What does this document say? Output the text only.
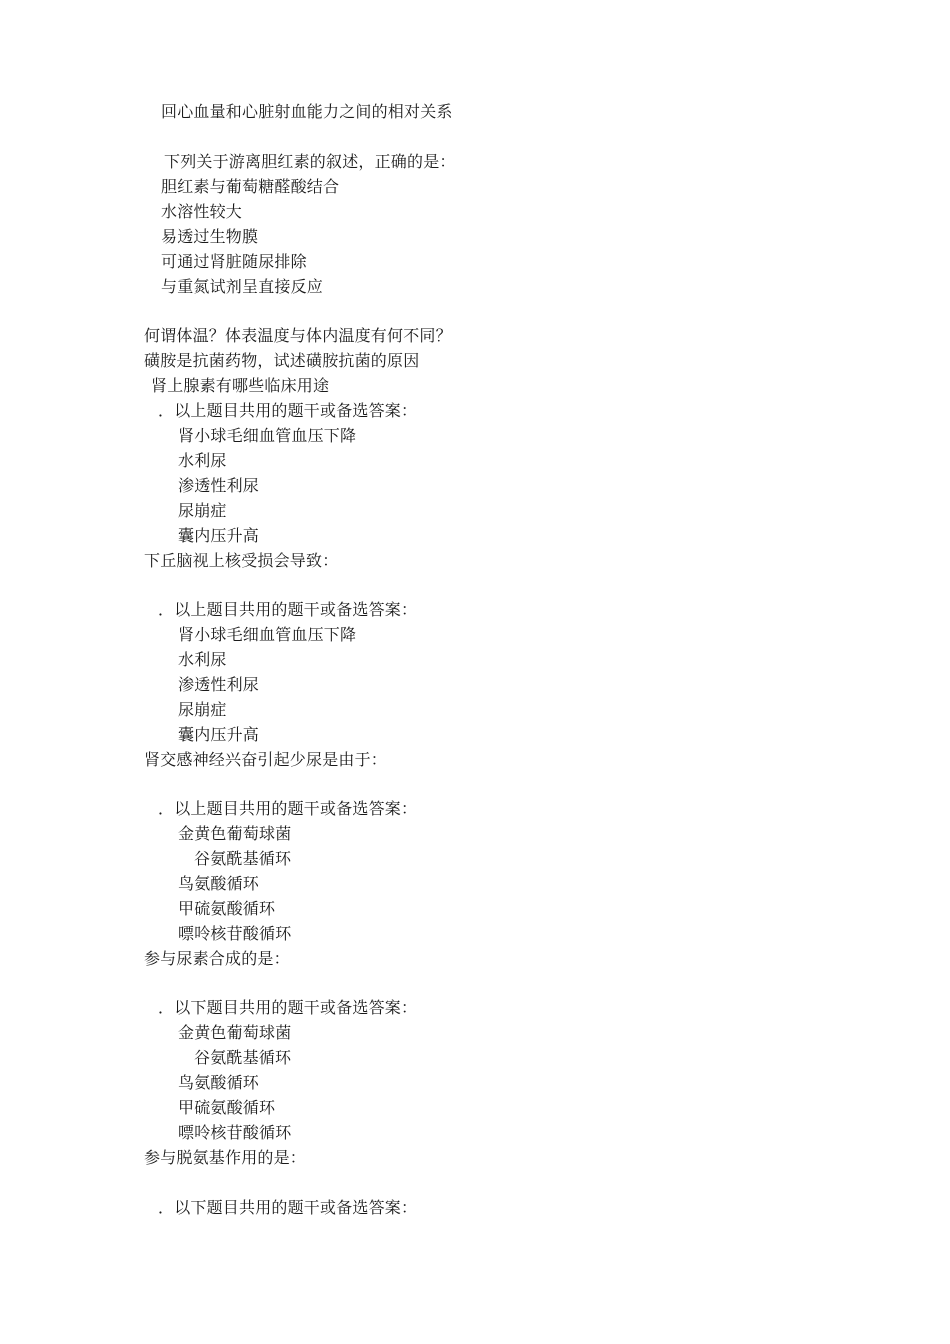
回心血量和心脏射血能力之间的相对关系
下列关于游离胆红素的叙述，正确的是：
胆红素与葡萄糖醛酸结合
水溶性较大
易透过生物膜
可通过肾脏随尿排除
与重氮试剂呈直接反应
何谓体温？体表温度与体内温度有何不同？
磺胺是抗菌药物，试述磺胺抗菌的原因
肾上腺素有哪些临床用途
．以上题目共用的题干或备选答案：
肾小球毛细血管血压下降
水利尿
渗透性利尿
尿崩症
囊内压升高
下丘脑视上核受损会导致：
．以上题目共用的题干或备选答案：
肾小球毛细血管血压下降
水利尿
渗透性利尿
尿崩症
囊内压升高
肾交感神经兴奋引起少尿是由于：
．以上题目共用的题干或备选答案：
金黄色葡萄球菌
谷氨酰基循环
鸟氨酸循环
甲硫氨酸循环
嘌呤核苷酸循环
参与尿素合成的是：
．以下题目共用的题干或备选答案：
金黄色葡萄球菌
谷氨酰基循环
鸟氨酸循环
甲硫氨酸循环
嘌呤核苷酸循环
参与脱氨基作用的是：
．以下题目共用的题干或备选答案：
